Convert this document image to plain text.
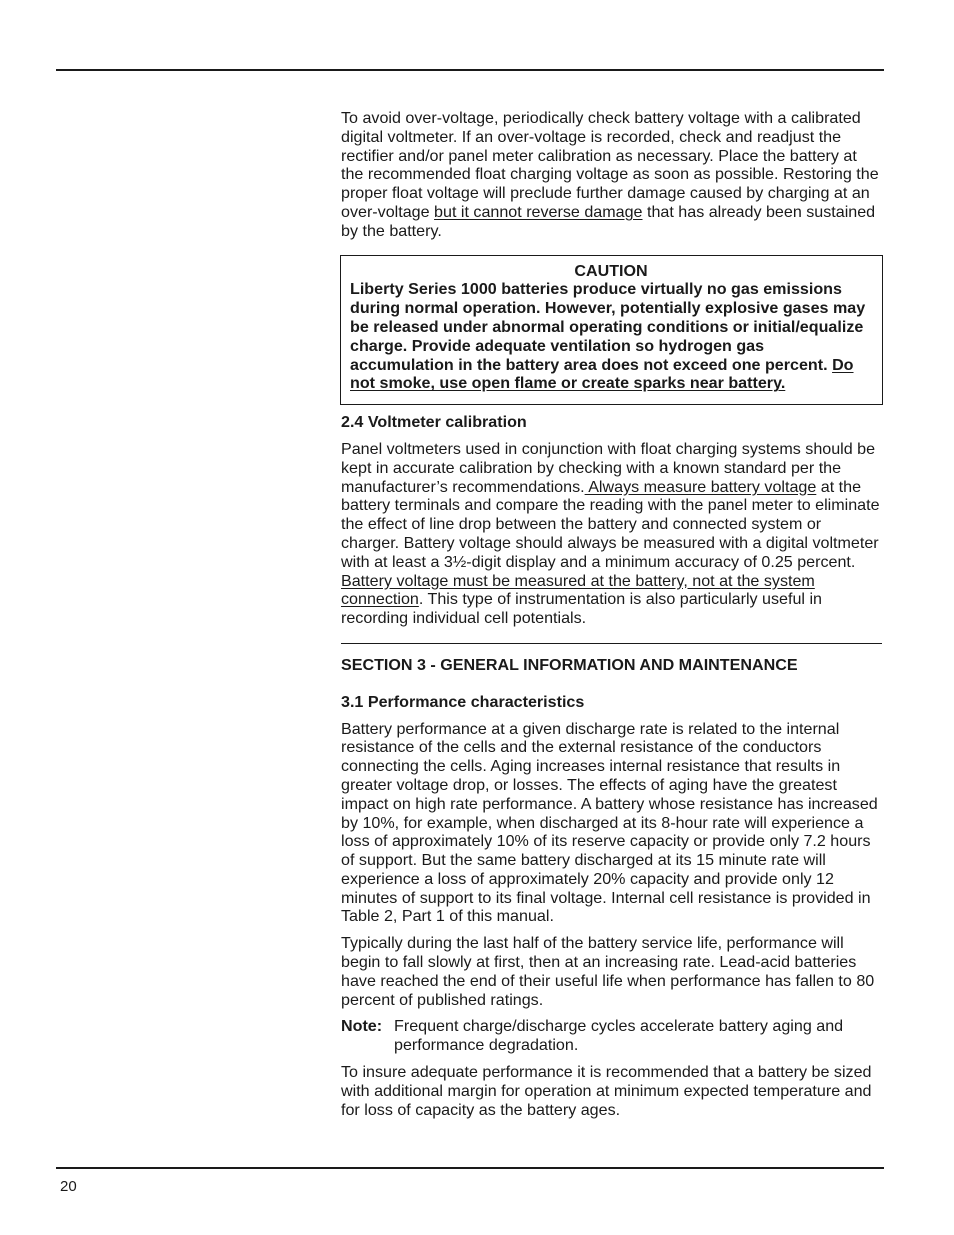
To avoid over-voltage, periodically check battery voltage with a calibrated digital voltmeter. If an over-voltage is recorded, check and readjust the rectifier and/or panel meter calibration as necessary. Place the battery at the recommended float charging voltage as soon as possible. Restoring the proper float voltage will preclude further damage caused by charging at an over-voltage but it cannot reverse damage that has already been sustained by the battery.

CAUTION
Liberty Series 1000 batteries produce virtually no gas emissions during normal operation. However, potentially explosive gases may be released under abnormal operating conditions or initial/equalize charge. Provide adequate ventilation so hydrogen gas accumulation in the battery area does not exceed one percent. Do not smoke, use open flame or create sparks near battery.
2.4 Voltmeter calibration

Panel voltmeters used in conjunction with float charging systems should be kept in accurate calibration by checking with a known standard per the manufacturer’s recommendations. Always measure battery voltage at the battery terminals and compare the reading with the panel meter to eliminate the effect of line drop between the battery and connected system or charger. Battery voltage should always be measured with a digital voltmeter with at least a 3½-digit display and a minimum accuracy of 0.25 percent. Battery voltage must be measured at the battery, not at the system connection. This type of instrumentation is also particularly useful in recording individual cell potentials.

SECTION 3 - GENERAL INFORMATION AND MAINTENANCE
3.1 Performance characteristics

Battery performance at a given discharge rate is related to the internal resistance of the cells and the external resistance of the conductors connecting the cells. Aging increases internal resistance that results in greater voltage drop, or losses. The effects of aging have the greatest impact on high rate performance. A battery whose resistance has increased by 10%, for example, when discharged at its 8-hour rate will experience a loss of approximately 10% of its reserve capacity or provide only 7.2 hours of support. But the same battery discharged at its 15 minute rate will experience a loss of approximately 20% capacity and provide only 12 minutes of support to its final voltage. Internal cell resistance is provided in Table 2, Part 1 of this manual.

Typically during the last half of the battery service life, performance will begin to fall slowly at first, then at an increasing rate. Lead-acid batteries have reached the end of their useful life when performance has fallen to 80 percent of published ratings.

Note: Frequent charge/discharge cycles accelerate battery aging and performance degradation.

To insure adequate performance it is recommended that a battery be sized with additional margin for operation at minimum expected temperature and for loss of capacity as the battery ages.

20
